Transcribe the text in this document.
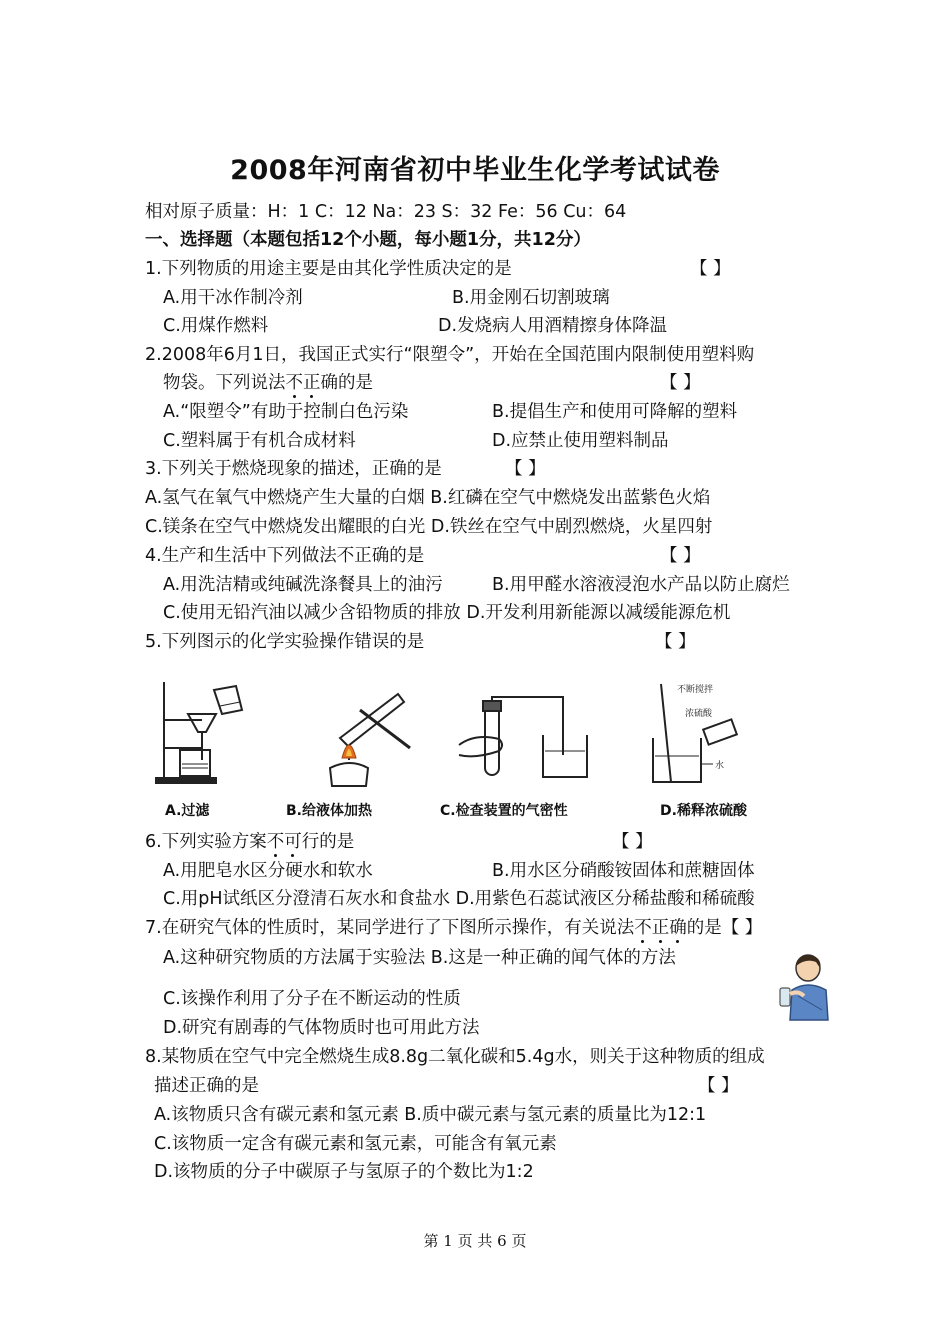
2008年河南省初中毕业生化学考试试卷
相对原子质量：H：1 C：12 Na：23 S：32 Fe：56 Cu：64
一、选择题（本题包括12个小题，每小题1分，共12分）
1.下列物质的用途主要是由其化学性质决定的是	【 】
A.用干冰作制冷剂	B.用金刚石切割玻璃
C.用煤作燃料	D.发烧病人用酒精擦身体降温
2.2008年6月1日，我国正式实行“限塑令”，开始在全国范围内限制使用塑料购
物袋。下列说法不正确的是	【 】
A.“限塑令”有助于控制白色污染	B.提倡生产和使用可降解的塑料
C.塑料属于有机合成材料	D.应禁止使用塑料制品
3.下列关于燃烧现象的描述，正确的是	【 】
A.氢气在氧气中燃烧产生大量的白烟 B.红磷在空气中燃烧发出蓝紫色火焰
C.镁条在空气中燃烧发出耀眼的白光 D.铁丝在空气中剧烈燃烧，火星四射
4.生产和生活中下列做法不正确的是	【 】
A.用洗洁精或纯碱洗涤餐具上的油污	B.用甲醛水溶液浸泡水产品以防止腐烂
C.使用无铅汽油以减少含铅物质的排放 D.开发利用新能源以减缓能源危机
5.下列图示的化学实验操作错误的是	【 】
A.过滤	B.给液体加热	C.检查装置的气密性
不断搅拌
浓硫酸
水
D.稀释浓硫酸
6.下列实验方案不可行的是	【 】
A.用肥皂水区分硬水和软水	B.用水区分硝酸铵固体和蔗糖固体
C.用pH试纸区分澄清石灰水和食盐水 D.用紫色石蕊试液区分稀盐酸和稀硫酸
7.在研究气体的性质时，某同学进行了下图所示操作，有关说法不正确的是【 】
A.这种研究物质的方法属于实验法 B.这是一种正确的闻气体的方法
C.该操作利用了分子在不断运动的性质
D.研究有剧毒的气体物质时也可用此方法
8.某物质在空气中完全燃烧生成8.8g二氧化碳和5.4g水，则关于这种物质的组成
描述正确的是	【 】
A.该物质只含有碳元素和氢元素 B.质中碳元素与氢元素的质量比为12:1
C.该物质一定含有碳元素和氢元素，可能含有氧元素
D.该物质的分子中碳原子与氢原子的个数比为1:2
第 1 页 共 6 页
